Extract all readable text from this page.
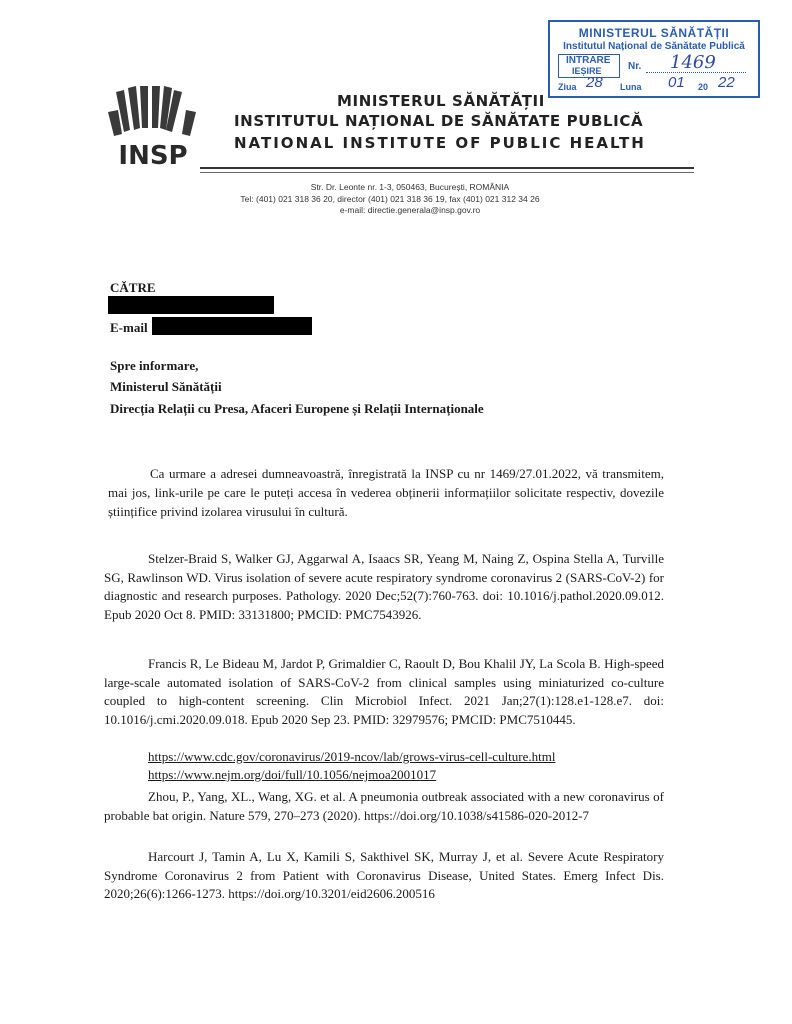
MINISTERUL SĂNĂTĂȚII
Institutul Național de Sănătate Publică
INTRARE
IEȘIRE	Nr. 1469
Ziua 28 Luna 01 20 22
INSP
MINISTERUL SĂNĂTĂȚII
INSTITUTUL NAȚIONAL DE SĂNĂTATE PUBLICĂ
NATIONAL INSTITUTE OF PUBLIC HEALTH
Str. Dr. Leonte nr. 1-3, 050463, București, ROMÂNIA
Tel: (401) 021 318 36 20, director (401) 021 318 36 19, fax (401) 021 312 34 26
e-mail: directie.generala@insp.gov.ro
CĂTRE
E-mail
Spre informare,
Ministerul Sănătății
Direcția Relații cu Presa, Afaceri Europene și Relații Internaționale
Ca urmare a adresei dumneavoastră, înregistrată la INSP cu nr 1469/27.01.2022, vă transmitem, mai jos, link-urile pe care le puteți accesa în vederea obținerii informațiilor solicitate respectiv, dovezile științifice privind izolarea virusului în cultură.
Stelzer-Braid S, Walker GJ, Aggarwal A, Isaacs SR, Yeang M, Naing Z, Ospina Stella A, Turville SG, Rawlinson WD. Virus isolation of severe acute respiratory syndrome coronavirus 2 (SARS-CoV-2) for diagnostic and research purposes. Pathology. 2020 Dec;52(7):760-763. doi: 10.1016/j.pathol.2020.09.012. Epub 2020 Oct 8. PMID: 33131800; PMCID: PMC7543926.
Francis R, Le Bideau M, Jardot P, Grimaldier C, Raoult D, Bou Khalil JY, La Scola B. High-speed large-scale automated isolation of SARS-CoV-2 from clinical samples using miniaturized co-culture coupled to high-content screening. Clin Microbiol Infect. 2021 Jan;27(1):128.e1-128.e7. doi: 10.1016/j.cmi.2020.09.018. Epub 2020 Sep 23. PMID: 32979576; PMCID: PMC7510445.
https://www.cdc.gov/coronavirus/2019-ncov/lab/grows-virus-cell-culture.html
https://www.nejm.org/doi/full/10.1056/nejmoa2001017
Zhou, P., Yang, XL., Wang, XG. et al. A pneumonia outbreak associated with a new coronavirus of probable bat origin. Nature 579, 270–273 (2020). https://doi.org/10.1038/s41586-020-2012-7
Harcourt J, Tamin A, Lu X, Kamili S, Sakthivel SK, Murray J, et al. Severe Acute Respiratory Syndrome Coronavirus 2 from Patient with Coronavirus Disease, United States. Emerg Infect Dis. 2020;26(6):1266-1273. https://doi.org/10.3201/eid2606.200516
